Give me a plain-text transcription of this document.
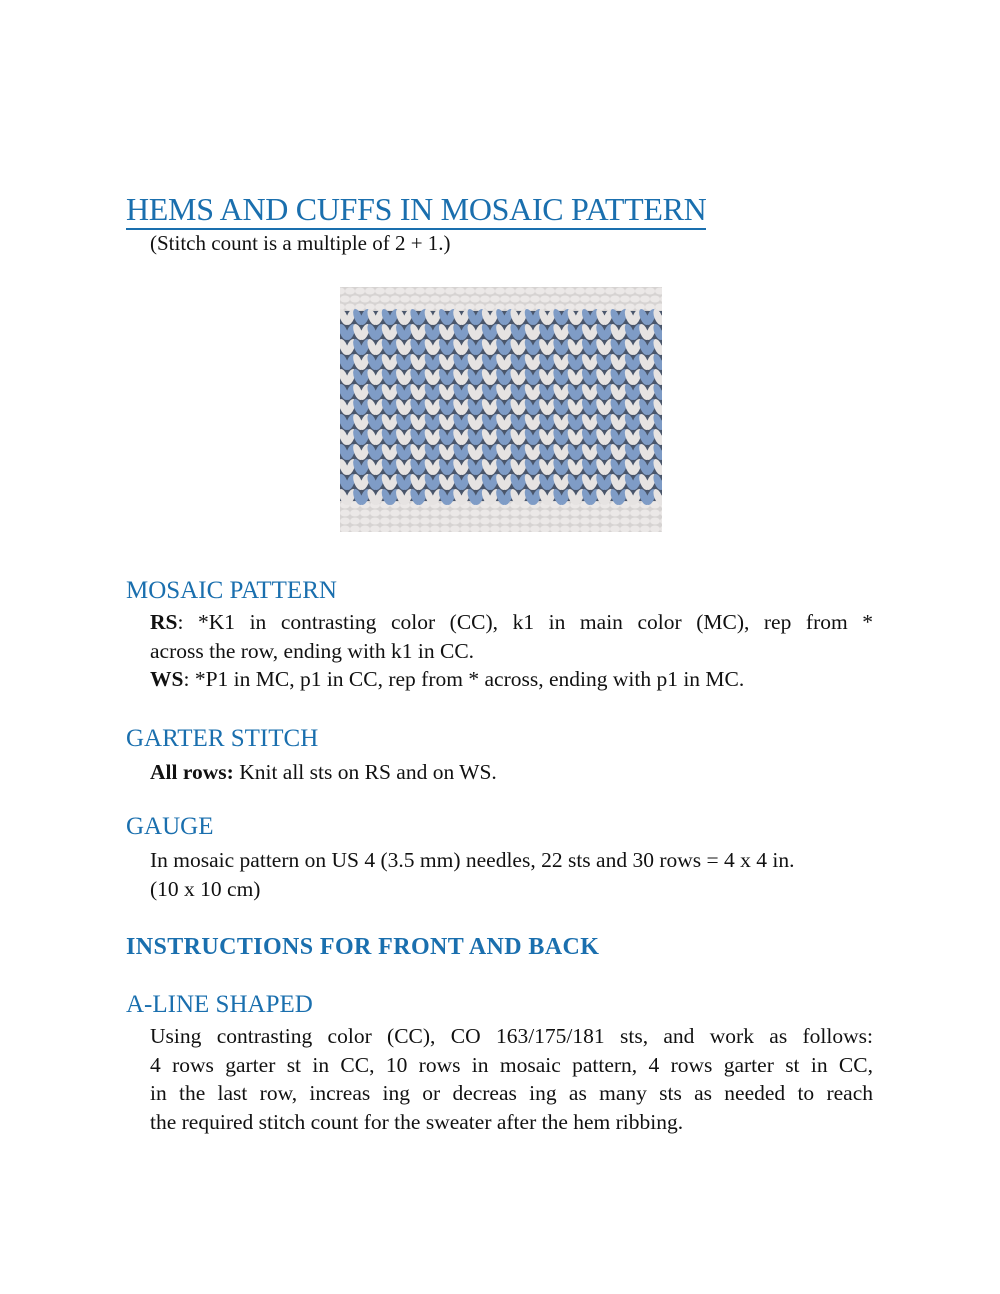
HEMS AND CUFFS IN MOSAIC PATTERN
(Stitch count is a multiple of 2 + 1.)
MOSAIC PATTERN
RS: *K1 in contrasting color (CC), k1 in main color (MC), rep from *
across the row, ending with k1 in CC.
WS: *P1 in MC, p1 in CC, rep from * across, ending with p1 in MC.
GARTER STITCH
All rows: Knit all sts on RS and on WS.
GAUGE
In mosaic pattern on US 4 (3.5 mm) needles, 22 sts and 30 rows = 4 x 4 in.
(10 x 10 cm)
INSTRUCTIONS FOR FRONT AND BACK
A-LINE SHAPED
Using contrasting color (CC), CO 163/175/181 sts, and work as follows:
4 rows garter st in CC, 10 rows in mosaic pattern, 4 rows garter st in CC,
in the last row, increas ing or decreas ing as many sts as needed to reach
the required stitch count for the sweater after the hem ribbing.
